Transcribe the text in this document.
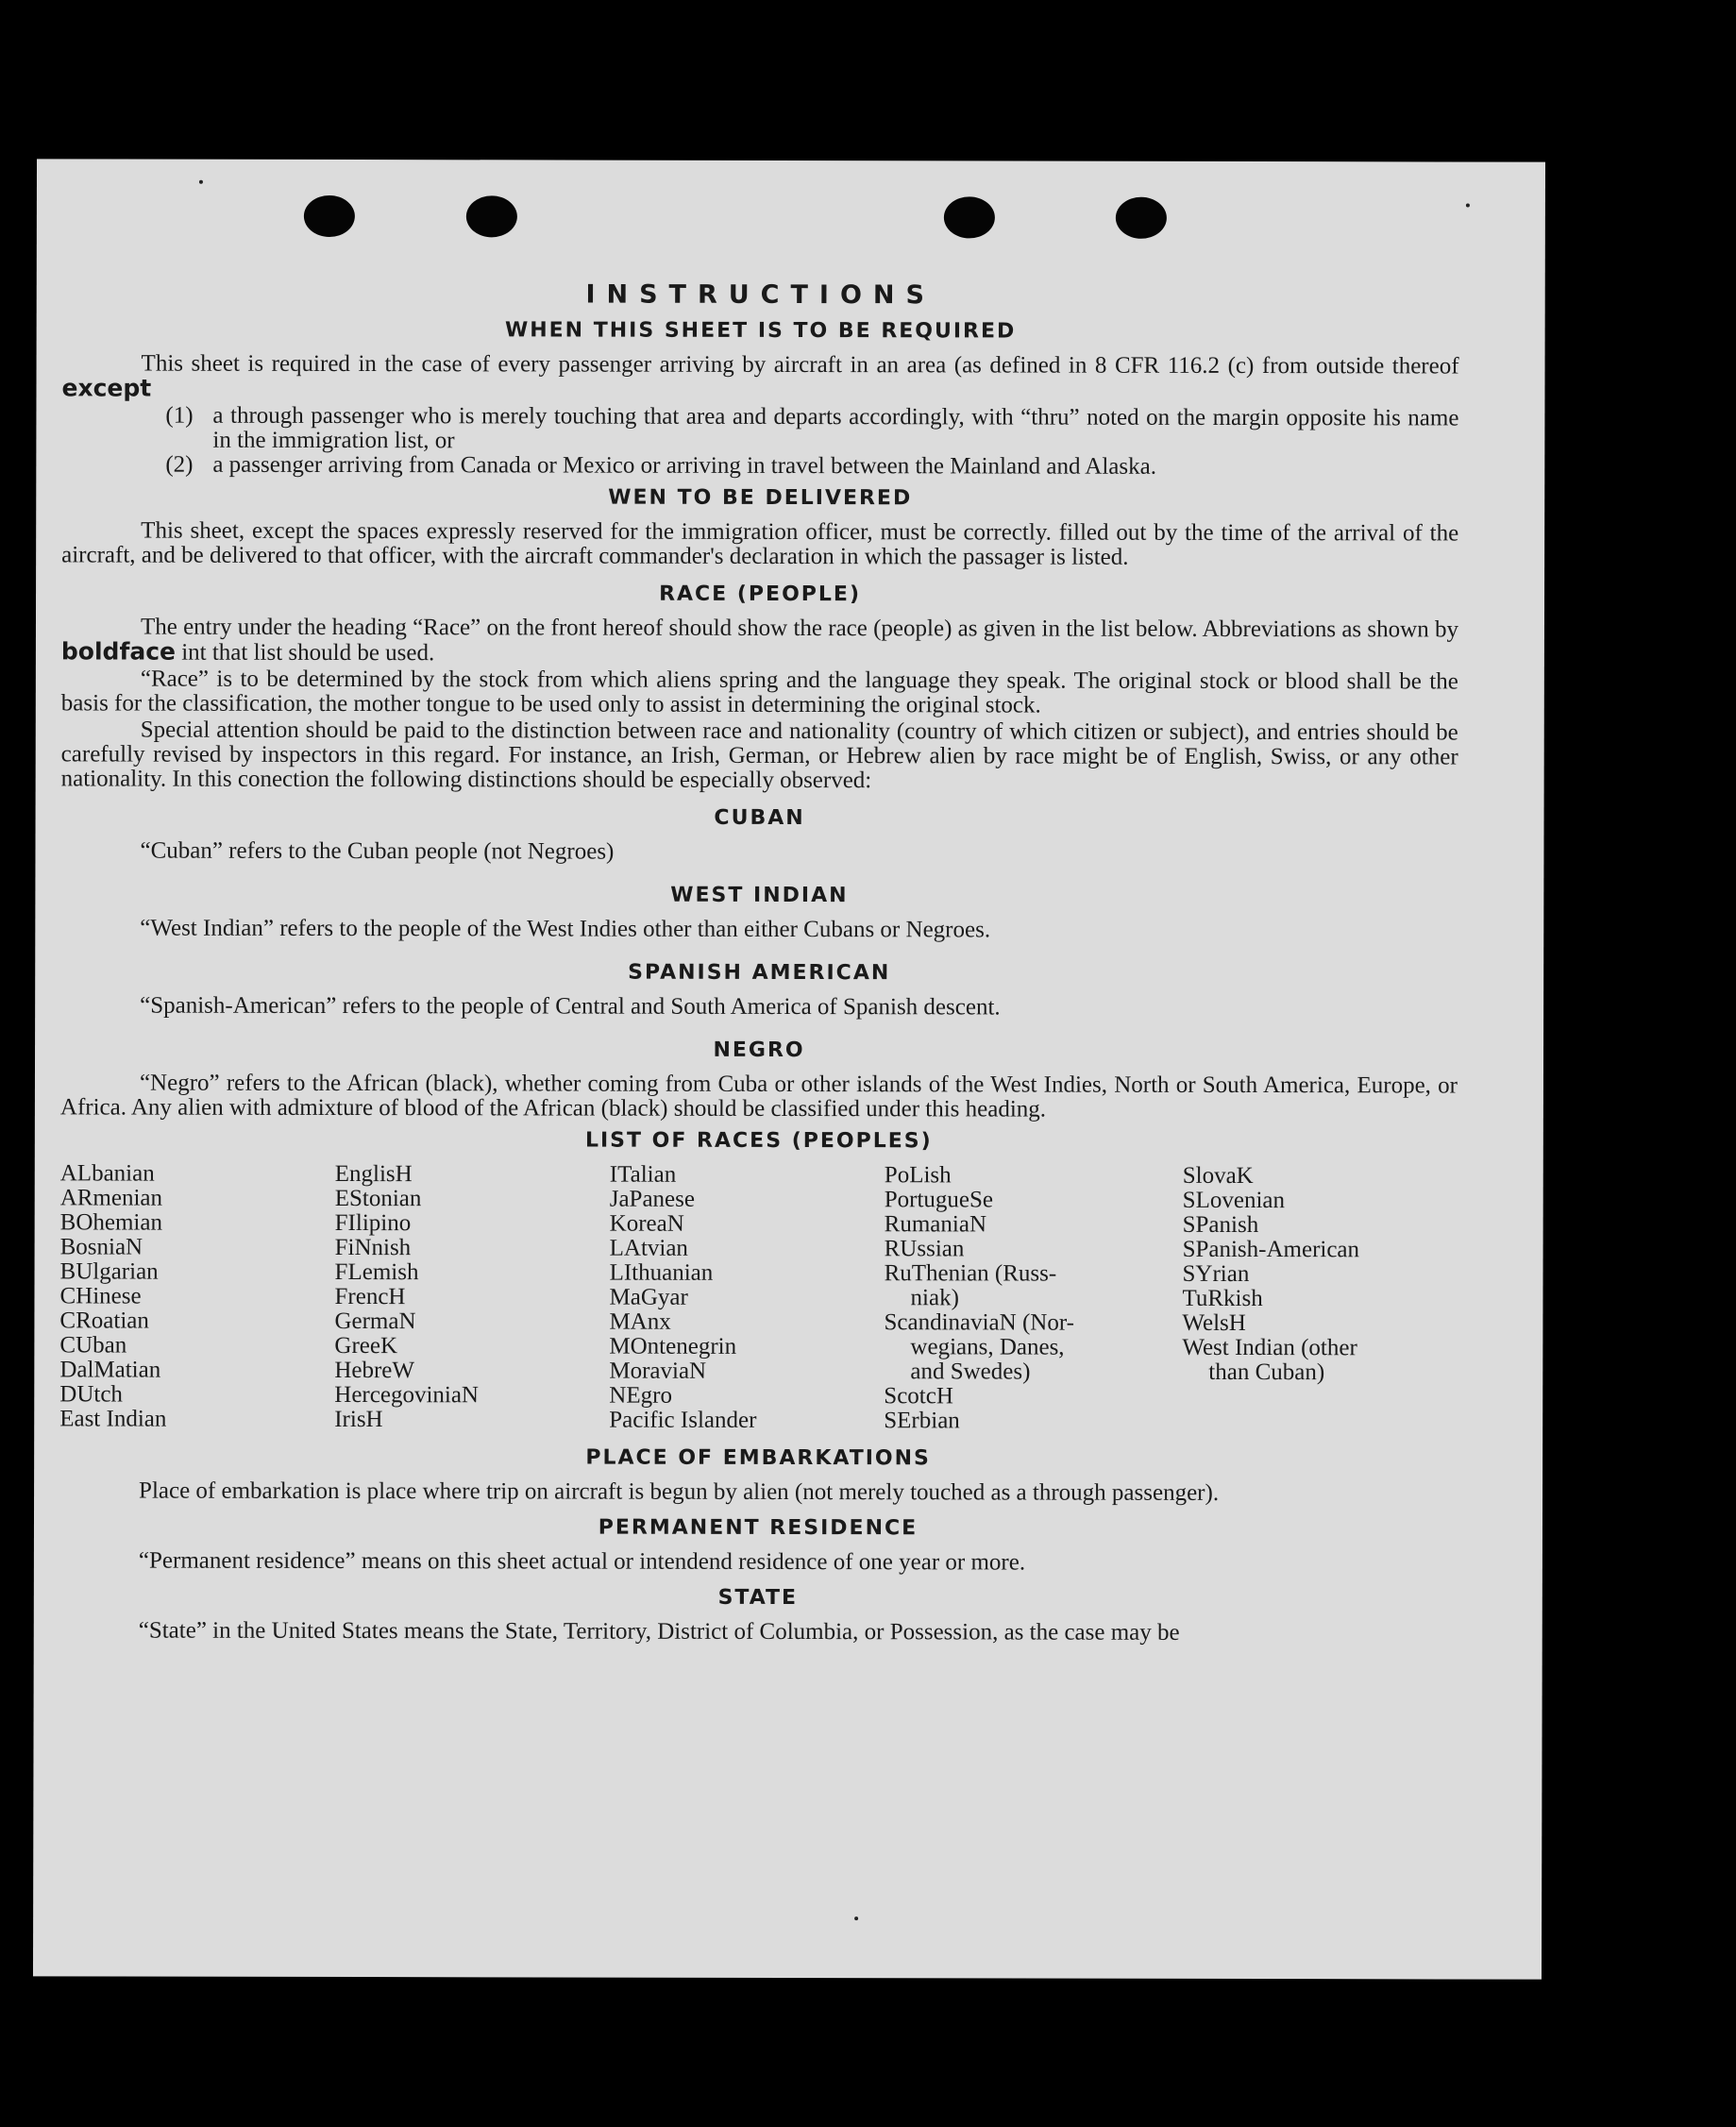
INSTRUCTIONS
WHEN THIS SHEET IS TO BE REQUIRED

This sheet is required in the case of every passenger arriving by aircraft in an area (as defined in 8 CFR 116.2 (c) from outside thereof except

(1) a through passenger who is merely touching that area and departs accordingly, with “thru” noted on the margin opposite his name in the immigration list, or
(2) a passenger arriving from Canada or Mexico or arriving in travel between the Mainland and Alaska.
WEN TO BE DELIVERED

This sheet, except the spaces expressly reserved for the immigration officer, must be correctly. filled out by the time of the arrival of the aircraft, and be delivered to that officer, with the aircraft commander's declaration in which the passager is listed.

RACE (PEOPLE)

The entry under the heading “Race” on the front hereof should show the race (people) as given in the list below. Abbreviations as shown by boldface int that list should be used.

“Race” is to be determined by the stock from which aliens spring and the language they speak. The original stock or blood shall be the basis for the classification, the mother tongue to be used only to assist in determining the original stock.

Special attention should be paid to the distinction between race and nationality (country of which citizen or subject), and entries should be carefully revised by inspectors in this regard. For instance, an Irish, German, or Hebrew alien by race might be of English, Swiss, or any other nationality. In this conection the following distinctions should be especially observed:

CUBAN

“Cuban” refers to the Cuban people (not Negroes)

WEST INDIAN

“West Indian” refers to the people of the West Indies other than either Cubans or Negroes.

SPANISH AMERICAN

“Spanish-American” refers to the people of Central and South America of Spanish descent.

NEGRO

“Negro” refers to the African (black), whether coming from Cuba or other islands of the West Indies, North or South America, Europe, or Africa. Any alien with admixture of blood of the African (black) should be classified under this heading.

LIST OF RACES (PEOPLES)
ALbanian
ARmenian
BOhemian
BosniaN
BUlgarian
CHinese
CRoatian
CUban
DalMatian
DUtch
East Indian
EnglisH
EStonian
FIlipino
FiNnish
FLemish
FrencH
GermaN
GreeK
HebreW
HercegovinіaN
IrisH
ITalian
JaPanese
KoreaN
LAtvian
LIthuanian
MaGyar
MAnx
MOntenegrin
MoraviaN
NEgro
Pacific Islander
PoLish
PortugueSe
RumaniaN
RUssian
RuThenian (Russ-
niak)
ScandinaviaN (Nor-
wegians, Danes,
and Swedes)
ScotcH
SErbian
SlovaK
SLovenian
SPanish
SPanish-American
SYrian
TuRkish
WelsH
West Indian (other
than Cuban)
PLACE OF EMBARKATIONS

Place of embarkation is place where trip on aircraft is begun by alien (not merely touched as a through passenger).

PERMANENT RESIDENCE

“Permanent residence” means on this sheet actual or intendend residence of one year or more.

STATE

“State” in the United States means the State, Territory, District of Columbia, or Possession, as the case may be
